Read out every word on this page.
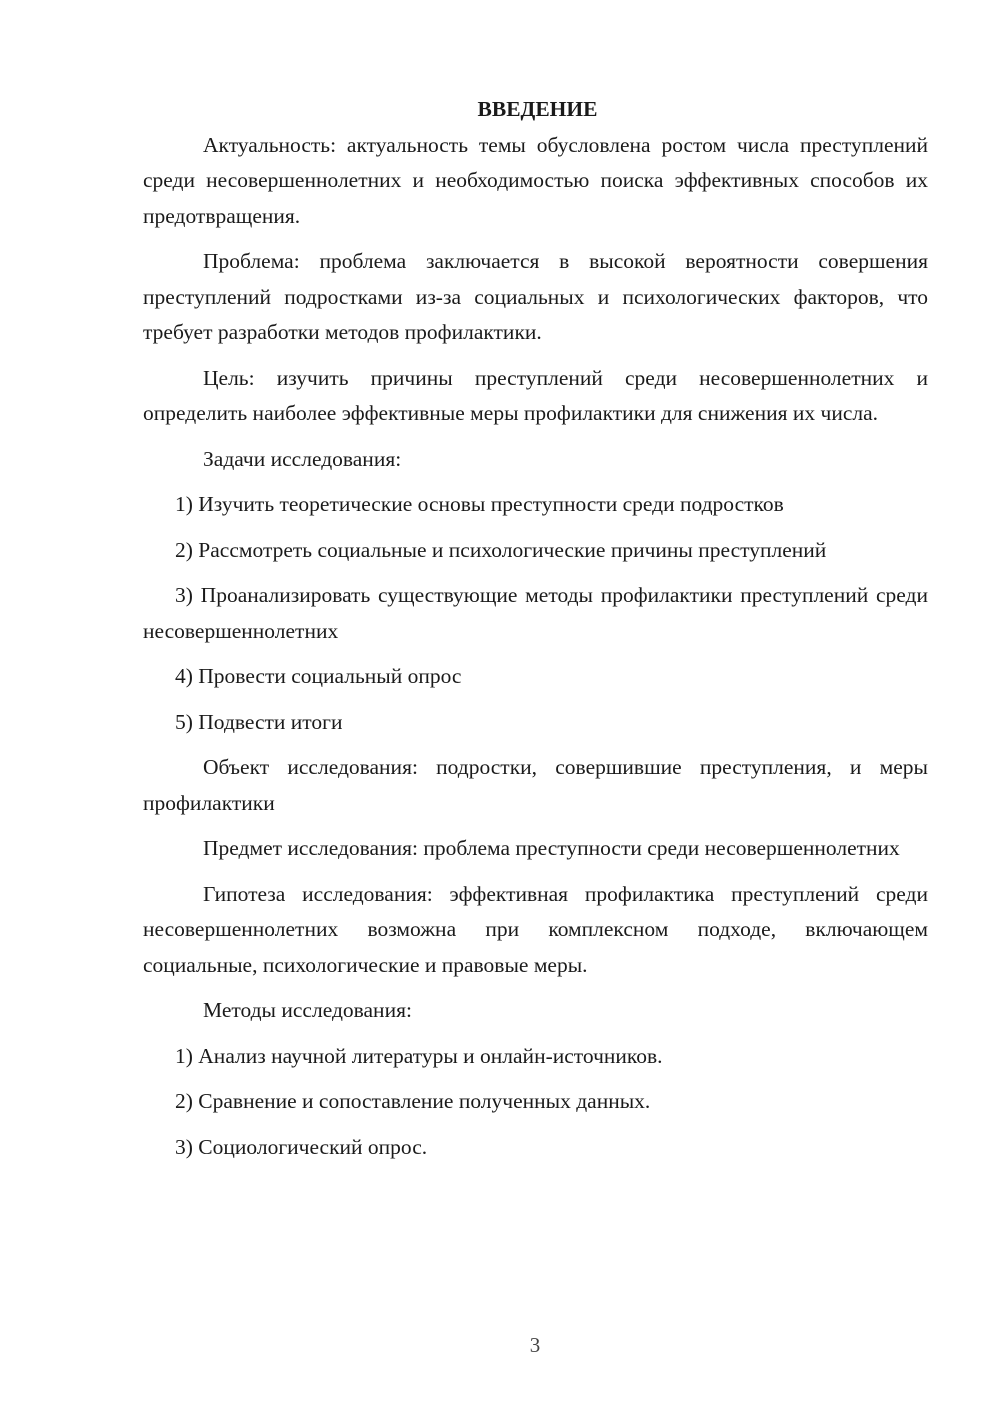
ВВЕДЕНИЕ

Актуальность: актуальность темы обусловлена ростом числа преступлений среди несовершеннолетних и необходимостью поиска эффективных способов их предотвращения.

Проблема: проблема заключается в высокой вероятности совершения преступлений подростками из-за социальных и психологических факторов, что требует разработки методов профилактики.

Цель: изучить причины преступлений среди несовершеннолетних и определить наиболее эффективные меры профилактики для снижения их числа.

Задачи исследования:

1) Изучить теоретические основы преступности среди подростков

2) Рассмотреть социальные и психологические причины преступлений

3) Проанализировать существующие методы профилактики преступлений среди несовершеннолетних

4) Провести социальный опрос

5) Подвести итоги

Объект исследования: подростки, совершившие преступления, и меры профилактики

Предмет исследования: проблема преступности среди несовершеннолетних

Гипотеза исследования: эффективная профилактика преступлений среди несовершеннолетних возможна при комплексном подходе, включающем социальные, психологические и правовые меры.

Методы исследования:

1) Анализ научной литературы и онлайн-источников.

2) Сравнение и сопоставление полученных данных.

3) Социологический опрос.

3
